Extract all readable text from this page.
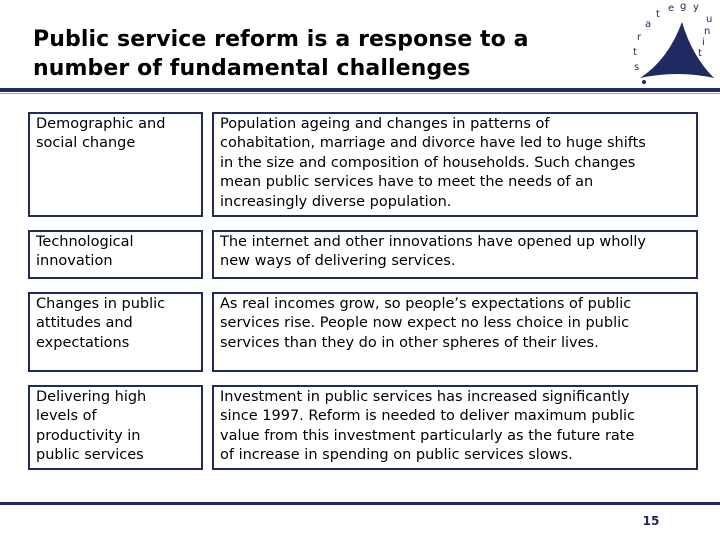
Public service reform is a response to a
number of fundamental challenges	s
t
r
a
t
e g y
u
n
i
t
Demographic and
social change
Population ageing and changes in patterns of
cohabitation, marriage and divorce have led to huge shifts
in the size and composition of households. Such changes
mean public services have to meet the needs of an
increasingly diverse population.
Technological
innovation
The internet and other innovations have opened up wholly
new ways of delivering services.
Changes in public
attitudes and
expectations
As real incomes grow, so people’s expectations of public
services rise. People now expect no less choice in public
services than they do in other spheres of their lives.
Delivering high
levels of
productivity in
public services
Investment in public services has increased significantly
since 1997. Reform is needed to deliver maximum public
value from this investment particularly as the future rate
of increase in spending on public services slows.
15
